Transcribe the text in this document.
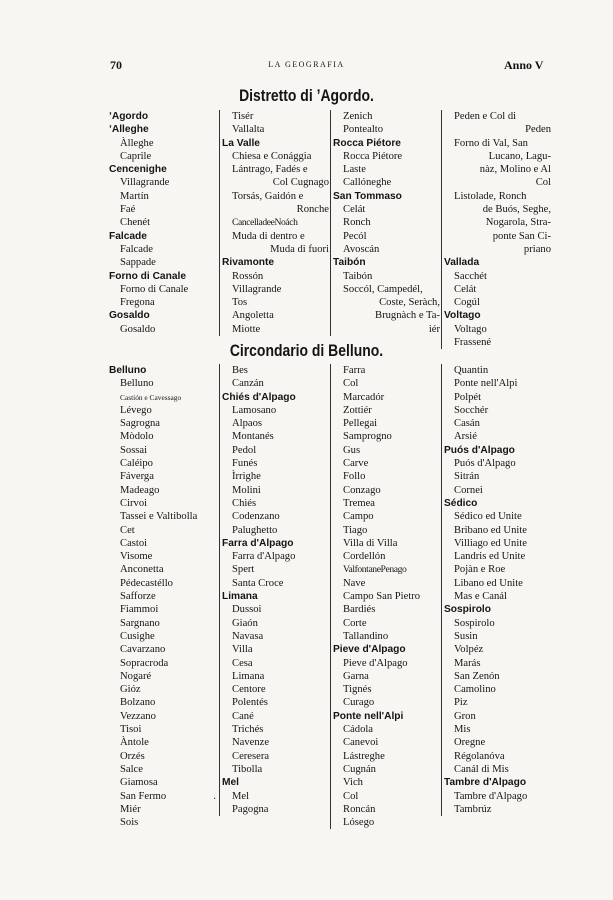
70	LA GEOGRAFIA	Anno V
Distretto di ʼAgordo.
ʼAgordo
ʼAlleghe
Àlleghe
Caprile
Cencenighe
Villagrande
Martín
Faé
Chenét
Falcade
Falcade
Sappade
Forno di Canale
Forno di Canale
Fregona
Gosaldo
Gosaldo
Tisér
Vallalta
La Valle
Chiesa e Conággia
Lántrago, Fadés e
Col Cugnago
Torsás, Gaidón e
Ronche
CancelladeeNoách
Muda di dentro e
Muda di fuori
Rivamonte
Rossón
Villagrande
Tos
Angoletta
Miotte
Zenich
Pontealto
Rocca Piétore
Rocca Piétore
Laste
Callóneghe
San Tommaso
Celát
Ronch
Pecól
Avoscán
Taibón
Taibón
Soccól, Campedél,
Coste, Seràch,
Brugnàch e Ta-
iér
Peden e Col di
Peden
Forno di Val, San
Lucano, Lagu-
nàz, Molino e Al
Col
Listolade, Ronch
de Buós, Seghe,
Nogarola, Stra-
ponte San Ci-
priano
Vallada
Sacchét
Celát
Cogúl
Voltago
Voltago
Frassené
Circondario di Belluno.
Belluno
Belluno
Castión e Cavessago
Lévego
Sagrogna
Mòdolo
Sossai
Caléipo
Fáverga
Madeago
Cirvoi
Tassei e Valtibolla
Cet
Castoi
Visome
Anconetta
Pédecastéllo
Safforze
Fiammoi
Sargnano
Cusighe
Cavarzano
Sopracroda
Nogaré
Gióz
Bolzano
Vezzano
Tisoi
Àntole
Orzés
Salce
Giamosa
San Fermo
Miér
Sois
Bes
Canzán
Chiés d'Alpago
Lamosano
Alpaos
Montanés
Pedol
Funés
Ìrrighe
Molini
Chiés
Codenzano
Palughetto
Farra d'Alpago
Farra d'Alpago
Spert
Santa Croce
Limana
Dussoi
Giaón
Navasa
Villa
Cesa
Limana
Centore
Polentés
Cané
Trichés
Navenze
Ceresera
Tibolla
Mel
Mel
Pagogna
Farra
Col
Marcadór
Zottiér
Pellegai
Samprogno
Gus
Carve
Follo
Conzago
Tremea
Campo
Tiago
Villa di Villa
Cordellón
ValfontanePenago
Nave
Campo San Pietro
Bardiés
Corte
Tallandino
Pieve d'Alpago
Pieve d'Alpago
Garna
Tignés
Curago
Ponte nell'Alpi
Cádola
Canevoi
Lástreghe
Cugnán
Vich
Col
Roncán
Lósego
Quantin
Ponte nell'Alpi
Polpét
Socchér
Casán
Arsié
Puós d'Alpago
Puós d'Alpago
Sitrán
Cornei
Sédico
Sédico ed Unite
Bribano ed Unite
Villiago ed Unite
Landris ed Unite
Pojàn e Roe
Libano ed Unite
Mas e Canál
Sospirolo
Sospirolo
Susin
Volpéz
Marás
San Zenón
Camolino
Piz
Gron
Mis
Oregne
Régolanóva
Canál di Mis
Tambre d'Alpago
Tambre d'Alpago
Tambrúz
·
